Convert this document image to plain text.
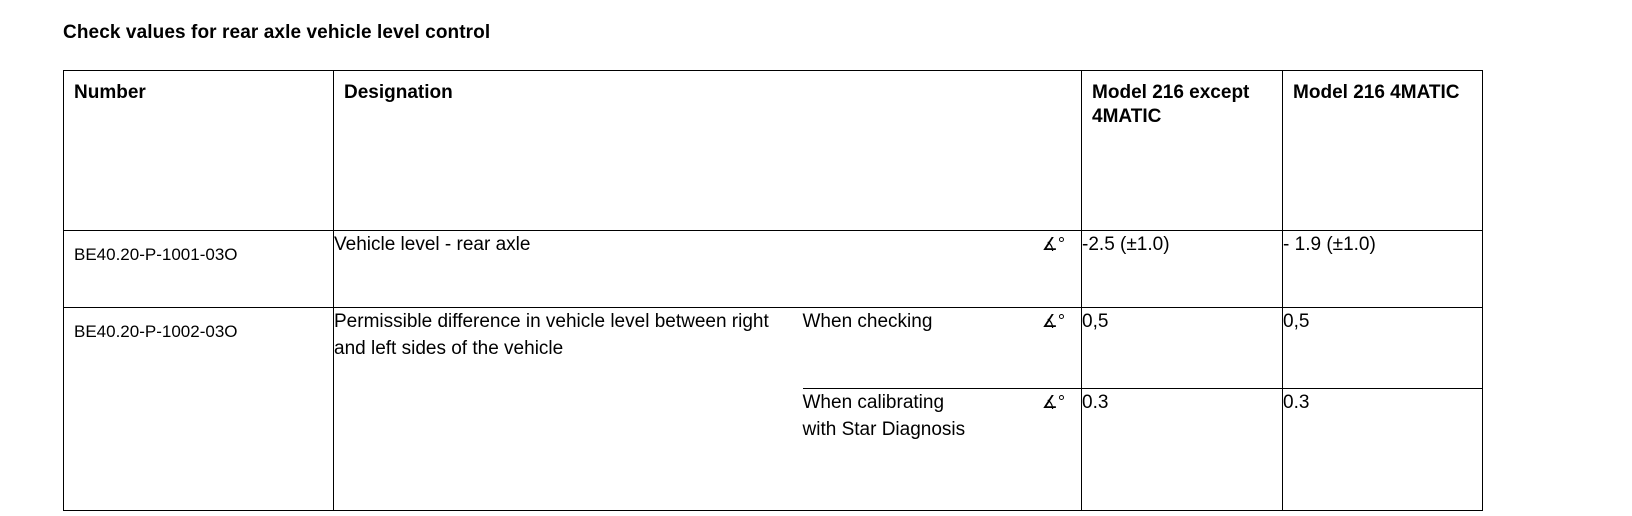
Check values for rear axle vehicle level control
Number	Designation			Model 216 except 4MATIC	Model 216 4MATIC
BE40.20-P-1001-03O	Vehicle level - rear axle		∡°	-2.5 (±1.0)	- 1.9 (±1.0)
BE40.20-P-1002-03O	Permissible difference in vehicle level between right and left sides of the vehicle	When checking	∡°	0,5	0,5
		When calibrating with Star Diagnosis	∡°	0.3	0.3
